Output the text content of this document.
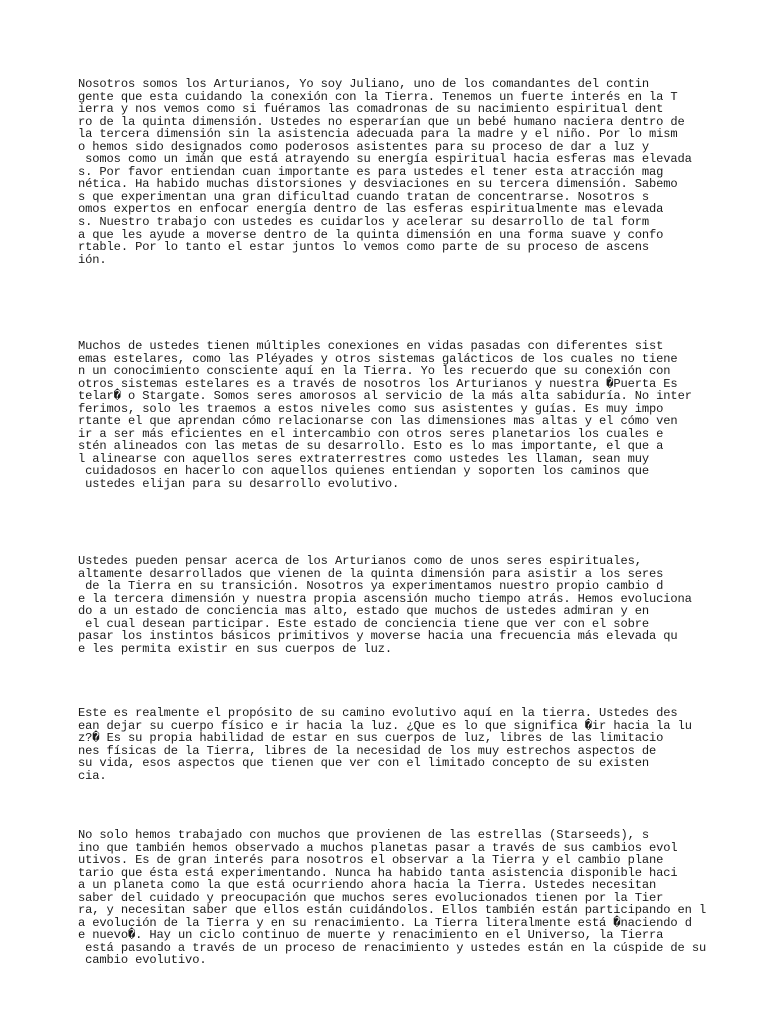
Nosotros somos los Arturianos, Yo soy Juliano, uno de los comandantes del contin
gente que esta cuidando la conexión con la Tierra. Tenemos un fuerte interés en la T
ierra y nos vemos como si fuéramos las comadronas de su nacimiento espiritual dent
ro de la quinta dimensión. Ustedes no esperarían que un bebé humano naciera dentro de
la tercera dimensión sin la asistencia adecuada para la madre y el niño. Por lo mism
o hemos sido designados como poderosos asistentes para su proceso de dar a luz y
somos como un imán que está atrayendo su energía espiritual hacia esferas mas elevada
s. Por favor entiendan cuan importante es para ustedes el tener esta atracción mag
nética. Ha habido muchas distorsiones y desviaciones en su tercera dimensión. Sabemo
s que experimentan una gran dificultad cuando tratan de concentrarse. Nosotros s
omos expertos en enfocar energía dentro de las esferas espiritualmente mas elevada
s. Nuestro trabajo con ustedes es cuidarlos y acelerar su desarrollo de tal form
a que les ayude a moverse dentro de la quinta dimensión en una forma suave y confo
rtable. Por lo tanto el estar juntos lo vemos como parte de su proceso de ascens
ión.

Muchos de ustedes tienen múltiples conexiones en vidas pasadas con diferentes sist
emas estelares, como las Pléyades y otros sistemas galácticos de los cuales no tiene
n un conocimiento consciente aquí en la Tierra. Yo les recuerdo que su conexión con
otros sistemas estelares es a través de nosotros los Arturianos y nuestra �Puerta Es
telar� o Stargate. Somos seres amorosos al servicio de la más alta sabiduría. No inter
ferimos, solo les traemos a estos niveles como sus asistentes y guías. Es muy impo
rtante el que aprendan cómo relacionarse con las dimensiones mas altas y el cómo ven
ir a ser más eficientes en el intercambio con otros seres planetarios los cuales e
stén alineados con las metas de su desarrollo. Esto es lo mas importante, el que a
l alinearse con aquellos seres extraterrestres como ustedes les llaman, sean muy
cuidadosos en hacerlo con aquellos quienes entiendan y soporten los caminos que
ustedes elijan para su desarrollo evolutivo.

Ustedes pueden pensar acerca de los Arturianos como de unos seres espirituales,
altamente desarrollados que vienen de la quinta dimensión para asistir a los seres
de la Tierra en su transición. Nosotros ya experimentamos nuestro propio cambio d
e la tercera dimensión y nuestra propia ascensión mucho tiempo atrás. Hemos evoluciona
do a un estado de conciencia mas alto, estado que muchos de ustedes admiran y en
el cual desean participar. Este estado de conciencia tiene que ver con el sobre
pasar los instintos básicos primitivos y moverse hacia una frecuencia más elevada qu
e les permita existir en sus cuerpos de luz.

Este es realmente el propósito de su camino evolutivo aquí en la tierra. Ustedes des
ean dejar su cuerpo físico e ir hacia la luz. ¿Que es lo que significa �ir hacia la lu
z?� Es su propia habilidad de estar en sus cuerpos de luz, libres de las limitacio
nes físicas de la Tierra, libres de la necesidad de los muy estrechos aspectos de
su vida, esos aspectos que tienen que ver con el limitado concepto de su existen
cia.

No solo hemos trabajado con muchos que provienen de las estrellas (Starseeds), s
ino que también hemos observado a muchos planetas pasar a través de sus cambios evol
utivos. Es de gran interés para nosotros el observar a la Tierra y el cambio plane
tario que ésta está experimentando. Nunca ha habido tanta asistencia disponible haci
a un planeta como la que está ocurriendo ahora hacia la Tierra. Ustedes necesitan
saber del cuidado y preocupación que muchos seres evolucionados tienen por la Tier
ra, y necesitan saber que ellos están cuidándolos. Ellos también están participando en l
a evolución de la Tierra y en su renacimiento. La Tierra literalmente está �naciendo d
e nuevo�. Hay un ciclo continuo de muerte y renacimiento en el Universo, la Tierra
está pasando a través de un proceso de renacimiento y ustedes están en la cúspide de su
cambio evolutivo.
